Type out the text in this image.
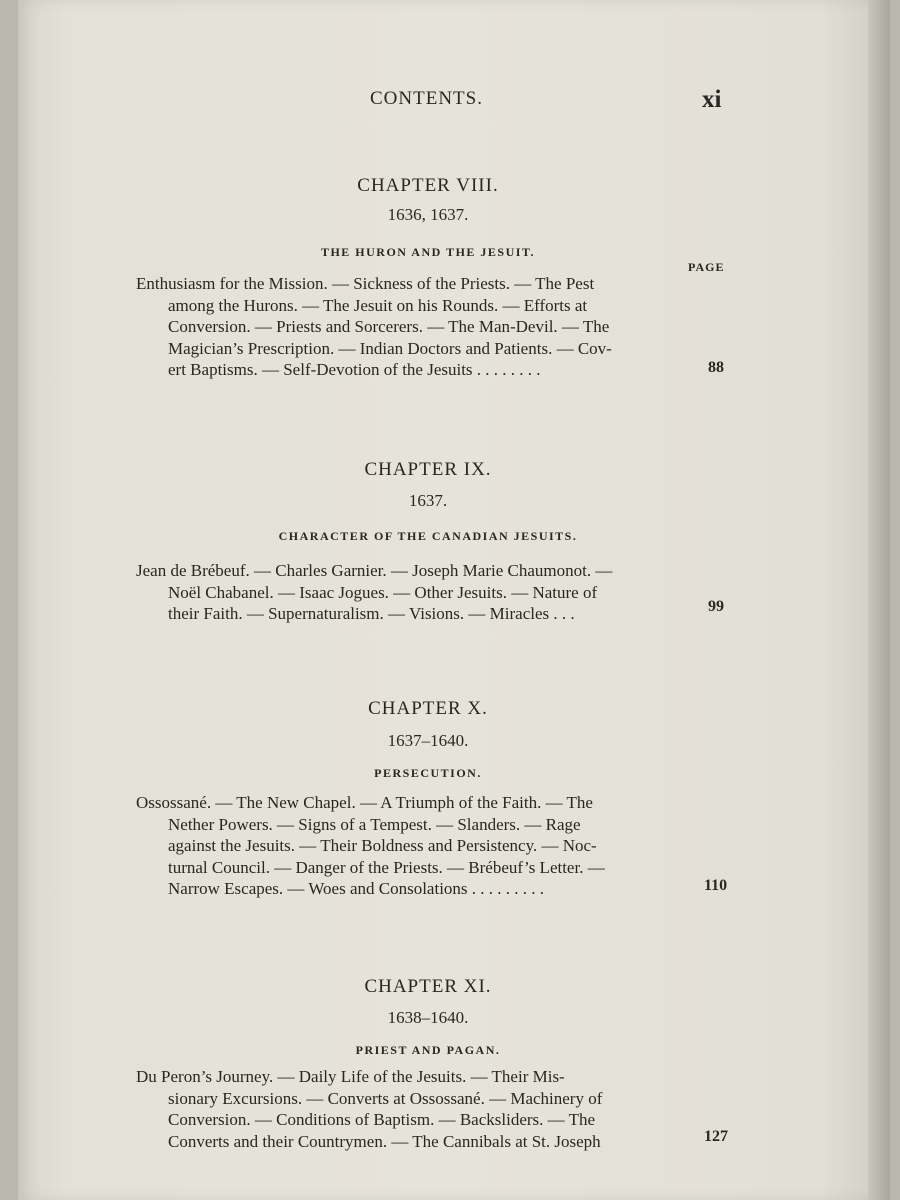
CONTENTS.	xi
CHAPTER VIII.
1636, 1637.
THE HURON AND THE JESUIT.
PAGE
Enthusiasm for the Mission. — Sickness of the Priests. — The Pest
among the Hurons. — The Jesuit on his Rounds. — Efforts at
Conversion. — Priests and Sorcerers. — The Man-Devil. — The
Magician’s Prescription. — Indian Doctors and Patients. — Cov-
ert Baptisms. — Self-Devotion of the Jesuits . . . . . . . .	88
CHAPTER IX.
1637.
CHARACTER OF THE CANADIAN JESUITS.
Jean de Brébeuf. — Charles Garnier. — Joseph Marie Chaumonot. —
Noël Chabanel. — Isaac Jogues. — Other Jesuits. — Nature of
their Faith. — Supernaturalism. — Visions. — Miracles . . .	99
CHAPTER X.
1637–1640.
PERSECUTION.
Ossossané. — The New Chapel. — A Triumph of the Faith. — The
Nether Powers. — Signs of a Tempest. — Slanders. — Rage
against the Jesuits. — Their Boldness and Persistency. — Noc-
turnal Council. — Danger of the Priests. — Brébeuf’s Letter. —
Narrow Escapes. — Woes and Consolations . . . . . . . . .	110
CHAPTER XI.
1638–1640.
PRIEST AND PAGAN.
Du Peron’s Journey. — Daily Life of the Jesuits. — Their Mis-
sionary Excursions. — Converts at Ossossané. — Machinery of
Conversion. — Conditions of Baptism. — Backsliders. — The
Converts and their Countrymen. — The Cannibals at St. Joseph	127
